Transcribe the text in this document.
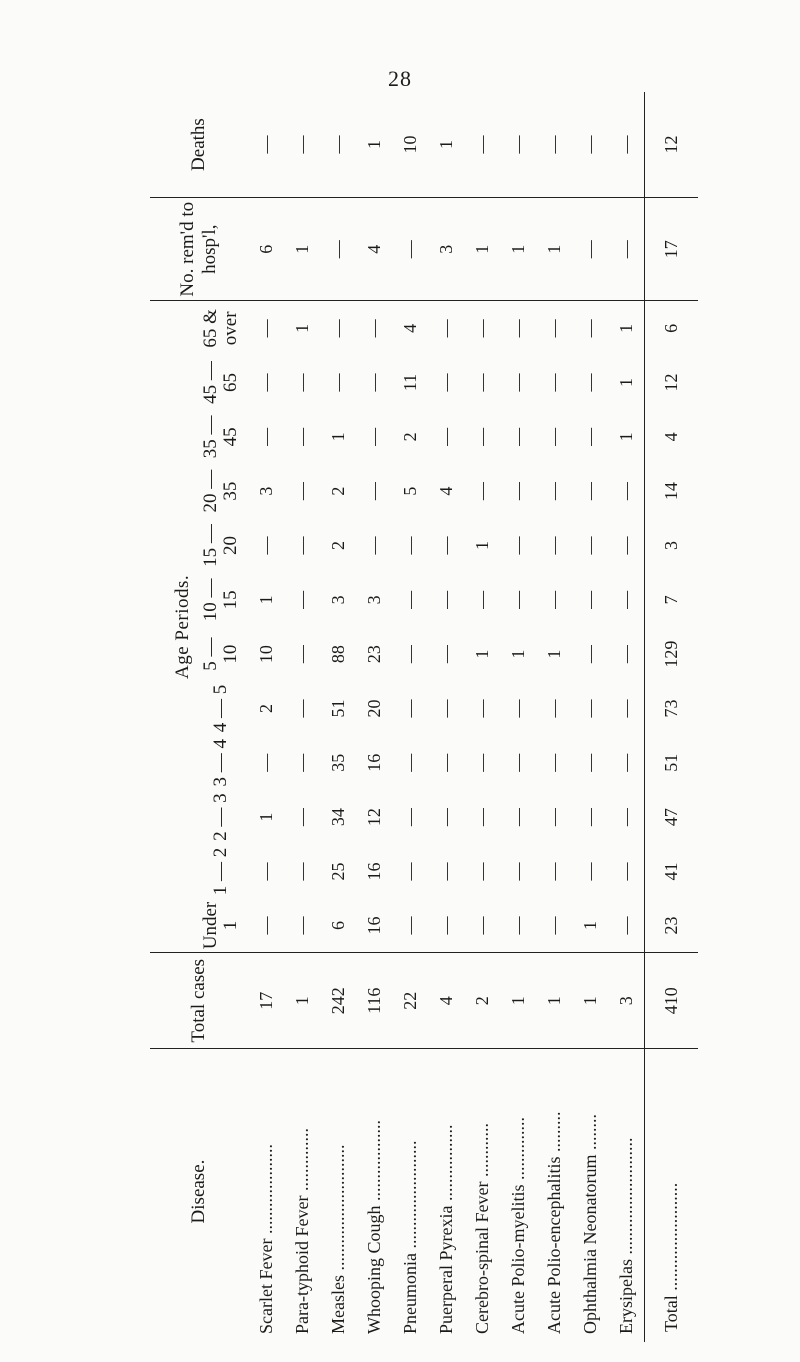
28
Disease.	Total cases	Age Periods.												No. rem'd to hosp'l,	Deaths
		Under 1	1 — 2	2 — 3	3 — 4	4 — 5	5 — 10	10 — 15	15 — 20	20 — 35	35 — 45	45 — 65	65 & over		
Scarlet Fever ....................	17	—	—	1	—	2	10	1	—	3	—	—	—	6	—
Para-typhoid Fever ..............	1	—	—	—	—	—	—	—	—	—	—	—	1	1	—
Measles ............................	242	6	25	34	35	51	88	3	2	2	1	—	—	—	—
Whooping Cough ..................	116	16	16	12	16	20	23	3	—	—	—	—	—	4	1
Pneumonia ........................	22	—	—	—	—	—	—	—	—	5	2	11	4	—	10
Puerperal Pyrexia .................	4	—	—	—	—	—	—	—	—	4	—	—	—	3	1
Cerebro-spinal Fever ............	2	—	—	—	—	—	1	—	1	—	—	—	—	1	—
Acute Polio-myelitis ..............	1	—	—	—	—	—	1	—	—	—	—	—	—	1	—
Acute Polio-encephalitis .........	1	—	—	—	—	—	1	—	—	—	—	—	—	1	—
Ophthalmia Neonatorum ........	1	1	—	—	—	—	—	—	—	—	—	—	—	—	—
Erysipelas ..........................	3	—	—	—	—	—	—	—	—	—	1	1	1	—	—
Total ........................	410	23	41	47	51	73	129	7	3	14	4	12	6	17	12
